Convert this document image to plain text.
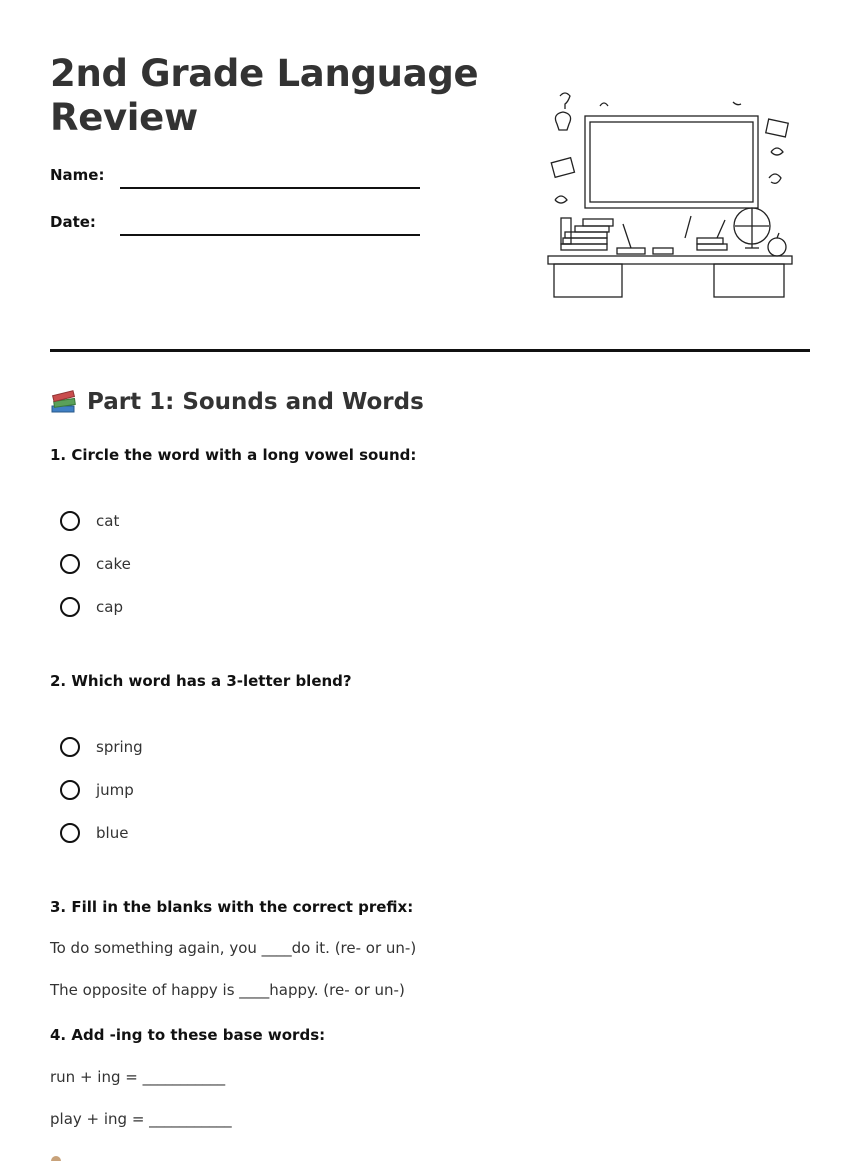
2nd Grade Language Review
Name:
Date:
Part 1: Sounds and Words
1. Circle the word with a long vowel sound:
cat
cake
cap
2. Which word has a 3-letter blend?
spring
jump
blue
3. Fill in the blanks with the correct prefix:
To do something again, you ____do it. (re- or un-)
The opposite of happy is ____happy. (re- or un-)
4. Add -ing to these base words:
run + ing = ___________
play + ing = ___________
